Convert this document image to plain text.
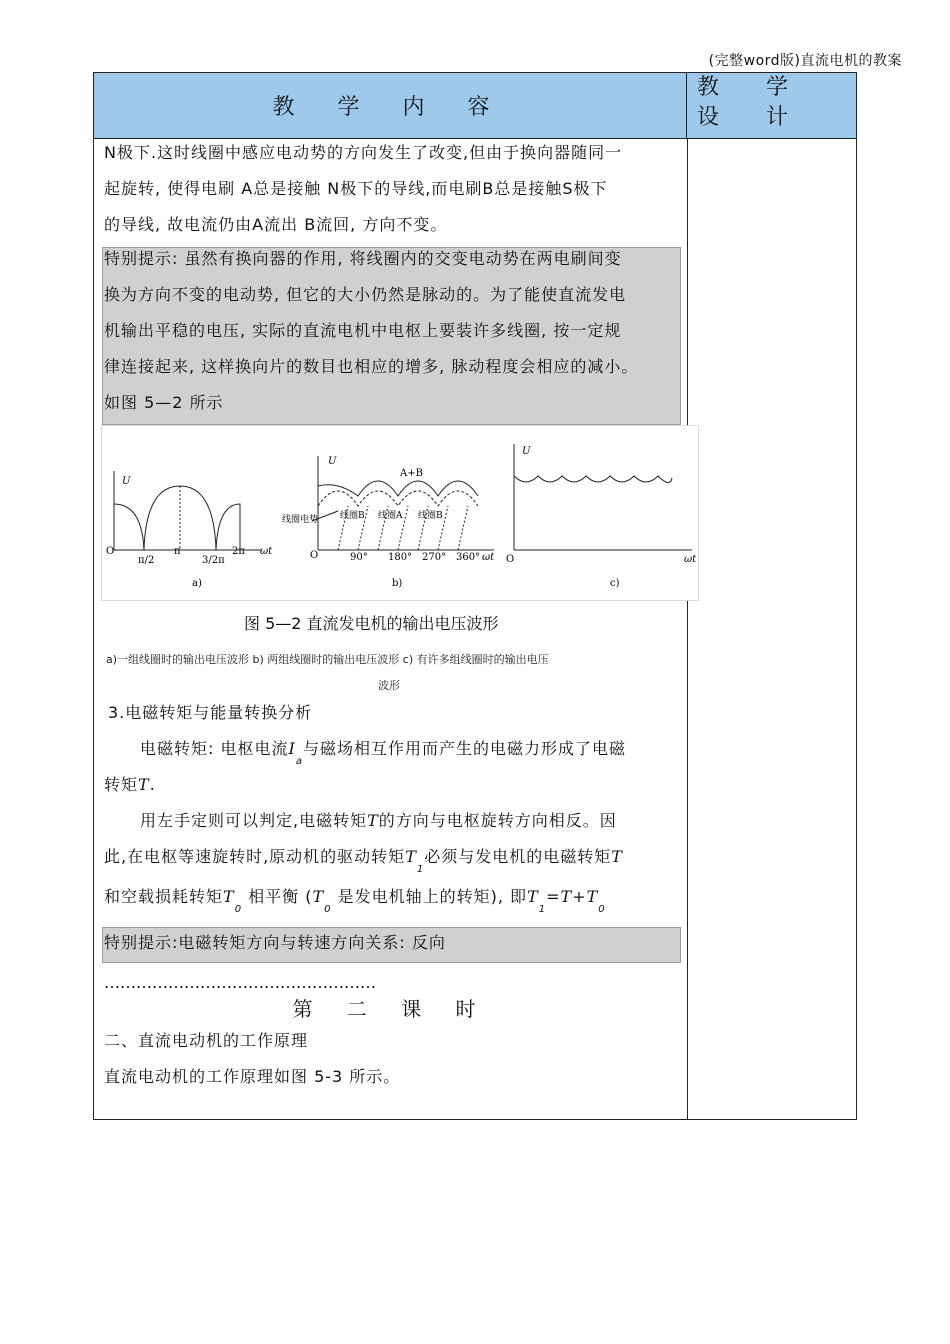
(完整word版)直流电机的教案
教 学 内 容
教 学 设 计
N极下.这时线圈中感应电动势的方向发生了改变,但由于换向器随同一
起旋转, 使得电刷 A总是接触 N极下的导线,而电刷B总是接触S极下
的导线, 故电流仍由A流出 B流回, 方向不变。
特别提示: 虽然有换向器的作用, 将线圈内的交变电动势在两电刷间变
换为方向不变的电动势, 但它的大小仍然是脉动的。为了能使直流发电
机输出平稳的电压, 实际的直流电机中电枢上要装许多线圈, 按一定规
律连接起来, 这样换向片的数目也相应的增多, 脉动程度会相应的减小。
如图 5—2 所示
U
O
π/2
π
3/2π
2π ωt
a)
U
A+B
线圈电势 线圈B 线圈A 线圈B
O	90° 180° 270° 360° ωt
b)
U
O	ωt
c)
图 5—2 直流发电机的输出电压波形
a)一组线圈时的输出电压波形 b) 两组线圈时的输出电压波形 c) 有许多组线圈时的输出电压
波形
3.电磁转矩与能量转换分析
电磁转矩: 电枢电流$I_a$与磁场相互作用而产生的电磁力形成了电磁
转矩T.
用左手定则可以判定,电磁转矩T的方向与电枢旋转方向相反。因
此,在电枢等速旋转时,原动机的驱动转矩$T_1$必须与发电机的电磁转矩T
和空载损耗转矩$T_0$ 相平衡 ($T_0$ 是发电机轴上的转矩), 即$T_1=T+T_0$
特别提示:电磁转矩方向与转速方向关系: 反向
……………………………………………
第 二 课 时
二、直流电动机的工作原理
直流电动机的工作原理如图 5-3 所示。
